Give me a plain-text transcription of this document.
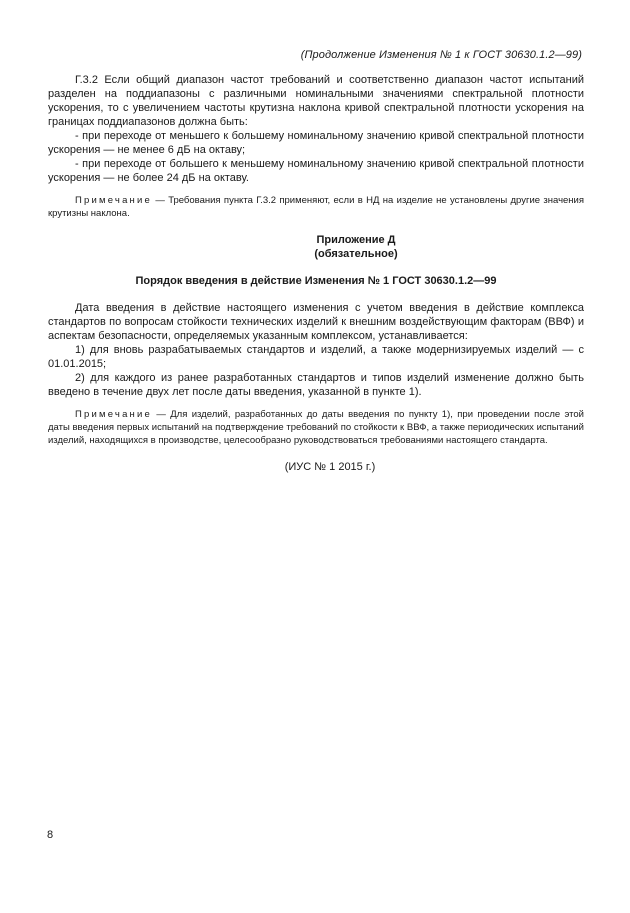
(Продолжение Изменения № 1 к ГОСТ 30630.1.2—99)

Г.3.2 Если общий диапазон частот требований и соответственно диапазон частот испытаний разделен на поддиапазоны с различными номинальными значениями спектральной плотности ускорения, то с увеличением частоты крутизна наклона кривой спектральной плотности ускорения на границах поддиапазонов должна быть:

- при переходе от меньшего к большему номинальному значению кривой спектральной плотности ускорения — не менее 6 дБ на октаву;

- при переходе от большего к меньшему номинальному значению кривой спектральной плотности ускорения — не более 24 дБ на октаву.

Примечание — Требования пункта Г.3.2 применяют, если в НД на изделие не установлены другие значения крутизны наклона.

Приложение Д

(обязательное)

Порядок введения в действие Изменения № 1 ГОСТ 30630.1.2—99

Дата введения в действие настоящего изменения с учетом введения в действие комплекса стандартов по вопросам стойкости технических изделий к внешним воздействующим факторам (ВВФ) и аспектам безопасности, определяемых указанным комплексом, устанавливается:

1) для вновь разрабатываемых стандартов и изделий, а также модернизируемых изделий — с 01.01.2015;

2) для каждого из ранее разработанных стандартов и типов изделий изменение должно быть введено в течение двух лет после даты введения, указанной в пункте 1).

Примечание — Для изделий, разработанных до даты введения по пункту 1), при проведении после этой даты введения первых испытаний на подтверждение требований по стойкости к ВВФ, а также периодических испытаний изделий, находящихся в производстве, целесообразно руководствоваться требованиями настоящего стандарта.

(ИУС № 1 2015 г.)

8
